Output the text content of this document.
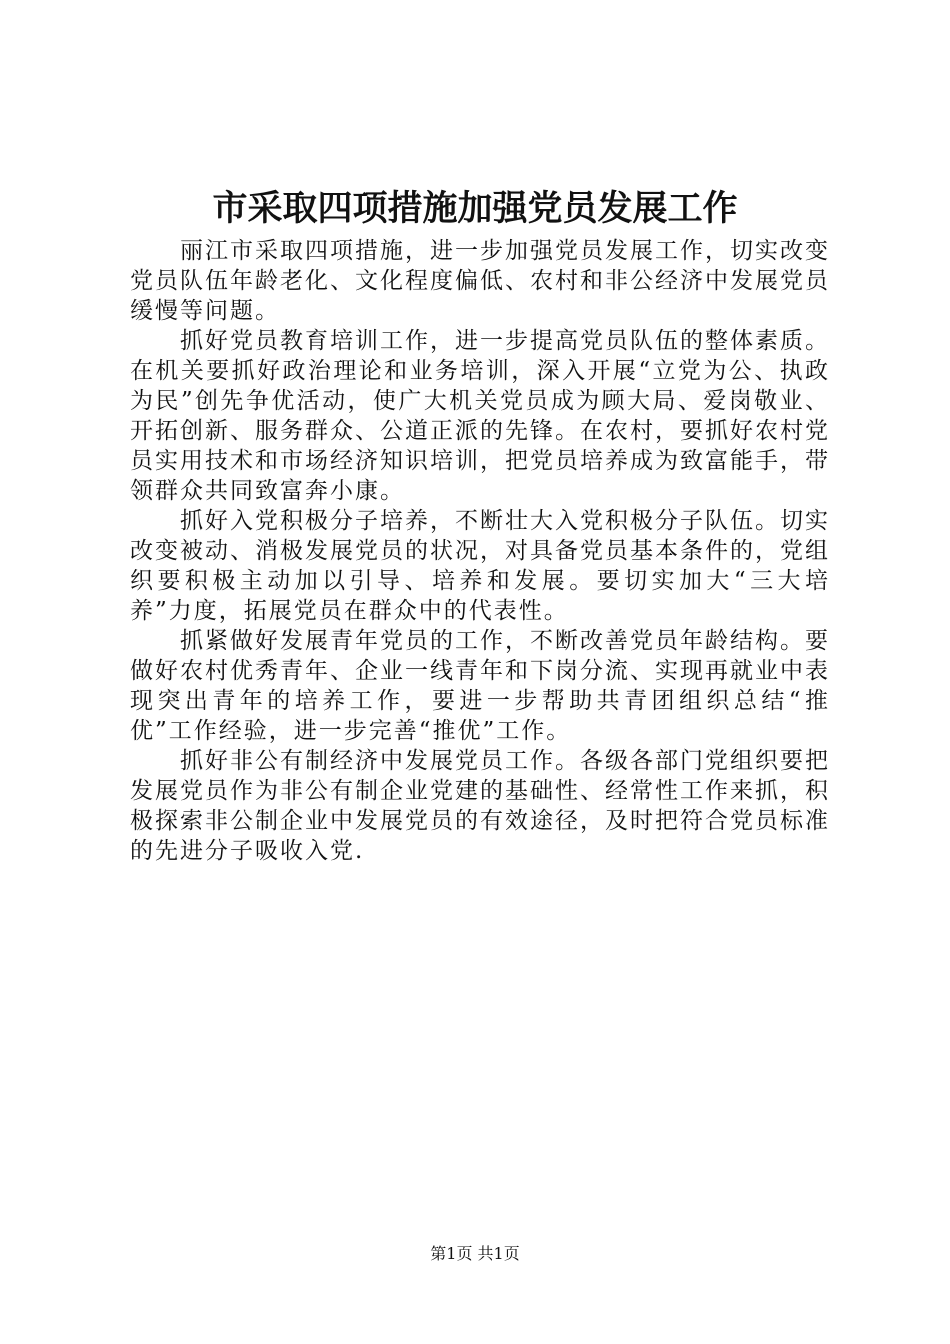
市采取四项措施加强党员发展工作

丽江市采取四项措施，进一步加强党员发展工作，切实改变党员队伍年龄老化、文化程度偏低、农村和非公经济中发展党员缓慢等问题。

抓好党员教育培训工作，进一步提高党员队伍的整体素质。在机关要抓好政治理论和业务培训，深入开展“立党为公、执政为民”创先争优活动，使广大机关党员成为顾大局、爱岗敬业、开拓创新、服务群众、公道正派的先锋。在农村，要抓好农村党员实用技术和市场经济知识培训，把党员培养成为致富能手，带领群众共同致富奔小康。

抓好入党积极分子培养，不断壮大入党积极分子队伍。切实改变被动、消极发展党员的状况，对具备党员基本条件的，党组织要积极主动加以引导、培养和发展。要切实加大“三大培养”力度，拓展党员在群众中的代表性。

抓紧做好发展青年党员的工作，不断改善党员年龄结构。要做好农村优秀青年、企业一线青年和下岗分流、实现再就业中表现突出青年的培养工作，要进一步帮助共青团组织总结“推优”工作经验，进一步完善“推优”工作。

抓好非公有制经济中发展党员工作。各级各部门党组织要把发展党员作为非公有制企业党建的基础性、经常性工作来抓，积极探索非公制企业中发展党员的有效途径，及时把符合党员标准的先进分子吸收入党.

第1页 共1页
